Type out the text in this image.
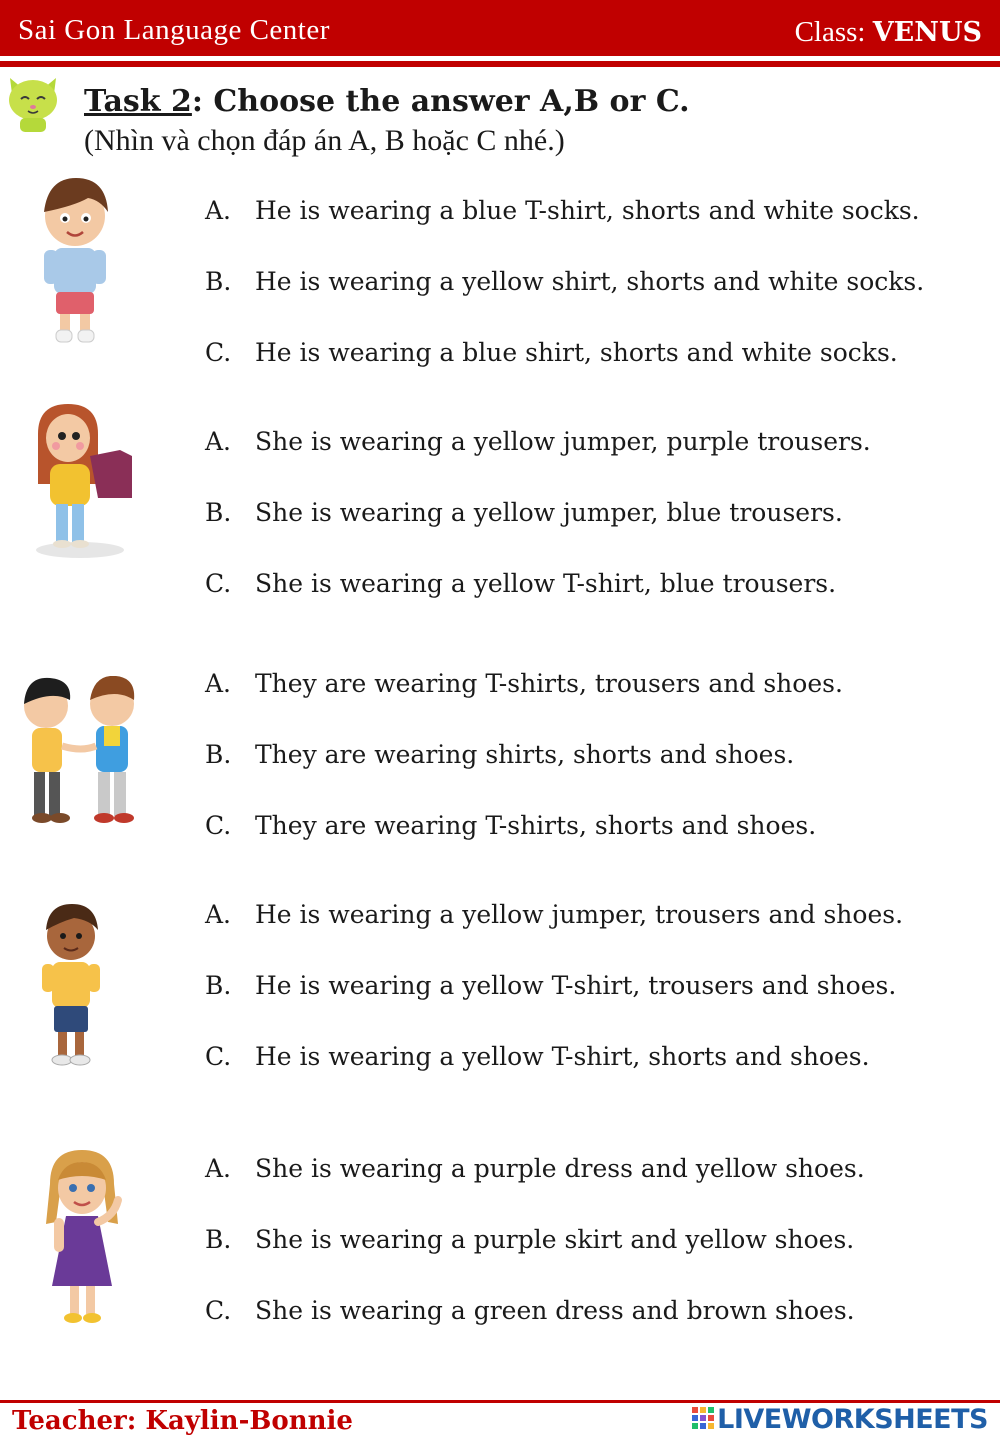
Sai Gon Language Center	Class: VENUS
Task 2: Choose the answer A,B or C.
(Nhìn và chọn đáp án A, B hoặc C nhé.)
A. He is wearing a blue T-shirt, shorts and white socks.
B. He is wearing a yellow shirt, shorts and white socks.
C. He is wearing a blue shirt, shorts and white socks.
A. She is wearing a yellow jumper, purple trousers.
B. She is wearing a yellow jumper, blue trousers.
C. She is wearing a yellow T-shirt, blue trousers.
A. They are wearing T-shirts, trousers and shoes.
B. They are wearing shirts, shorts and shoes.
C. They are wearing T-shirts, shorts and shoes.
A. He is wearing a yellow jumper, trousers and shoes.
B. He is wearing a yellow T-shirt, trousers and shoes.
C. He is wearing a yellow T-shirt, shorts and shoes.
A. She is wearing a purple dress and yellow shoes.
B. She is wearing a purple skirt and yellow shoes.
C. She is wearing a green dress and brown shoes.
Teacher: Kaylin-Bonnie	LIVEWORKSHEETS
